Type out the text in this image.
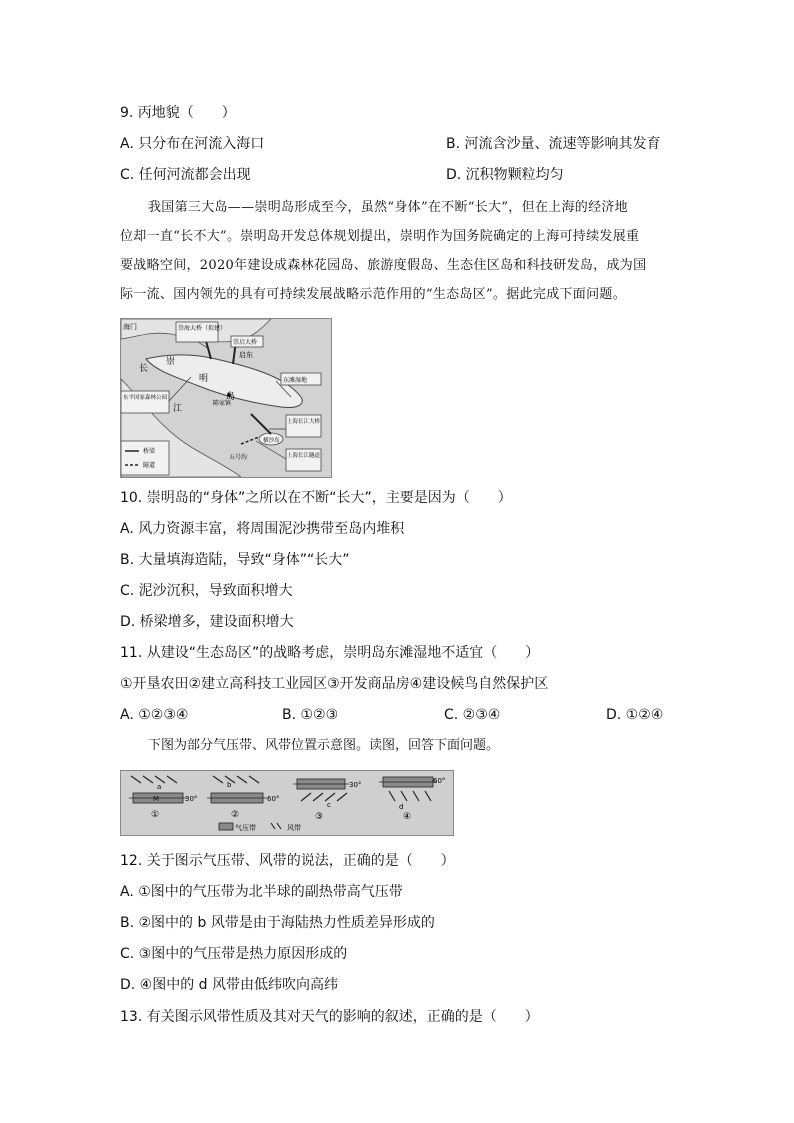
9. 丙地貌（　　）
A. 只分布在河流入海口	B. 河流含沙量、流速等影响其发育
C. 任何河流都会出现	D. 沉积物颗粒均匀

我国第三大岛——崇明岛形成至今，虽然“身体”在不断“长大”，但在上海的经济地

位却一直“长不大”。崇明岛开发总体规划提出，崇明作为国务院确定的上海可持续发展重

要战略空间，2020年建设成森林花园岛、旅游度假岛、生态住区岛和科技研发岛，成为国

际一流、国内领先的具有可持续发展战略示范作用的“生态岛区”。据此完成下面问题。

海门	崇海大桥（拟建）
崇启大桥
启东
崇
明
岛
长
江
东滩湿地
陈家镇
东平国家森林公园
上海长江大桥
上海长江隧道
横沙岛
五号沟
桥梁
隧道
10. 崇明岛的“身体”之所以在不断“长大”，主要是因为（　　）
A. 风力资源丰富，将周围泥沙携带至岛内堆积
B. 大量填海造陆，导致“身体”“长大”
C. 泥沙沉积，导致面积增大
D. 桥梁增多，建设面积增大
11. 从建设“生态岛区”的战略考虑，崇明岛东滩湿地不适宜（　　）
①开垦农田②建立高科技工业园区③开发商品房④建设候鸟自然保护区
A. ①②③④	B. ①②③	C. ②③④	D. ①②④
下图为部分气压带、风带位置示意图。读图，回答下面问题。
a
M	30°
①
b
60°
②
30°
c
③
60°
d
④
气压带	风带
12. 关于图示气压带、风带的说法，正确的是（　　）
A. ①图中的气压带为北半球的副热带高气压带
B. ②图中的 b 风带是由于海陆热力性质差异形成的
C. ③图中的气压带是热力原因形成的
D. ④图中的 d 风带由低纬吹向高纬
13. 有关图示风带性质及其对天气的影响的叙述，正确的是（　　）
